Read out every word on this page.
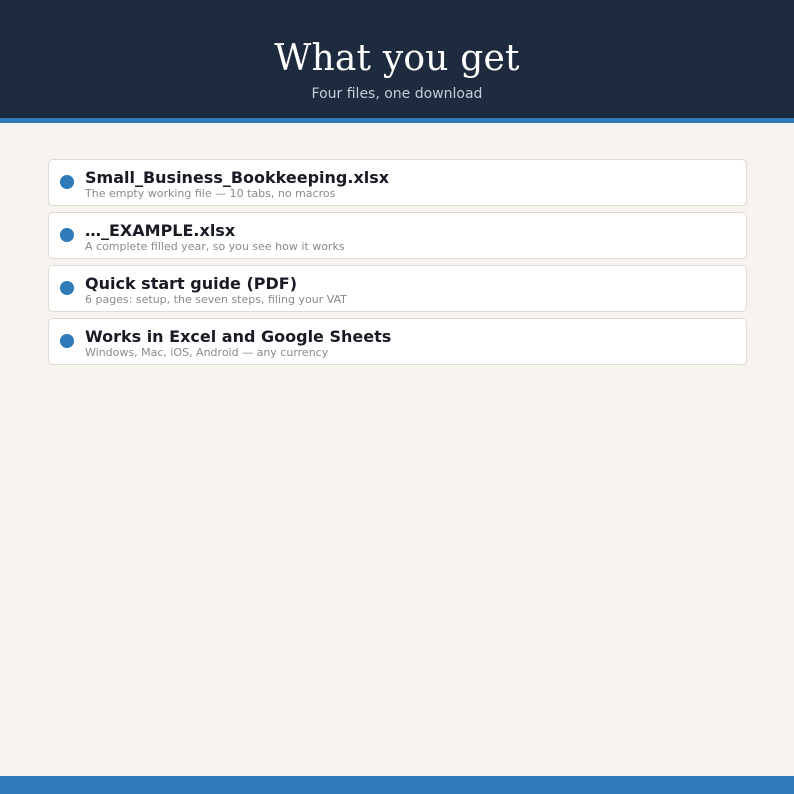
What you get
Four files, one download
Small_Business_Bookkeeping.xlsx
The empty working file — 10 tabs, no macros
…_EXAMPLE.xlsx
A complete filled year, so you see how it works
Quick start guide (PDF)
6 pages: setup, the seven steps, filing your VAT
Works in Excel and Google Sheets
Windows, Mac, iOS, Android — any currency
